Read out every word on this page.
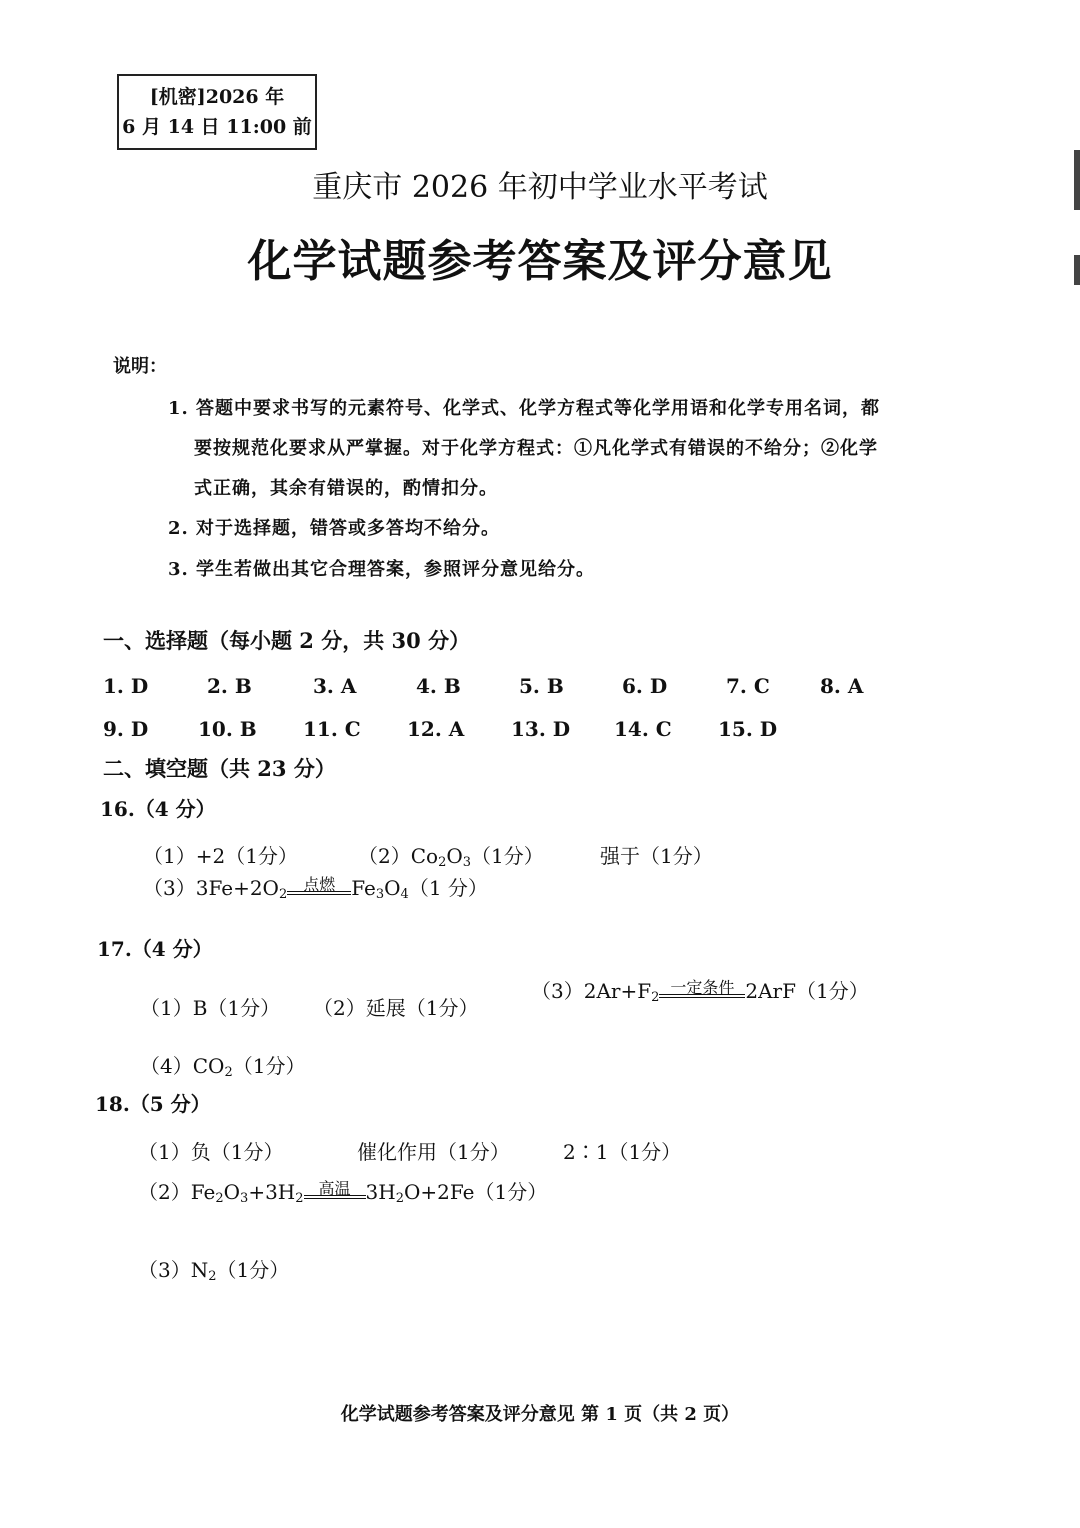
[机密]2026 年
6 月 14 日 11:00 前
重庆市 2026 年初中学业水平考试
化学试题参考答案及评分意见
说明：
1. 答题中要求书写的元素符号、化学式、化学方程式等化学用语和化学专用名词，都
要按规范化要求从严掌握。对于化学方程式：①凡化学式有错误的不给分；②化学
式正确，其余有错误的，酌情扣分。
2. 对于选择题，错答或多答均不给分。
3. 学生若做出其它合理答案，参照评分意见给分。
一、选择题（每小题 2 分，共 30 分）
1. D	2. B	3. A	4. B	5. B	6. D	7. C	8. A
9. D 10. B 11. C 12. A 13. D 14. C 15. D
二、填空题（共 23 分）
16.（4 分）
（1）+2（1分）	$(2)Co_2O_3(1$分）	强于（1分）
$(3)3Fe+2O_2$
点燃 $Fe_3O_4(1$ 分）
17.（4 分）
（1）B（1分） （2）延展（1分）
$(3)2Ar+F_2$
一定条件 2ArF（1分）
$(4)CO_2(1$分）
18.（5 分）
（1）负（1分）	催化作用（1分）	2∶1（1分）
$(2)Fe_2O_3+3H_2$
高温 $3H_2O+2Fe(1$分）
$(3)N_2(1$分）
化学试题参考答案及评分意见 第 1 页（共 2 页）
